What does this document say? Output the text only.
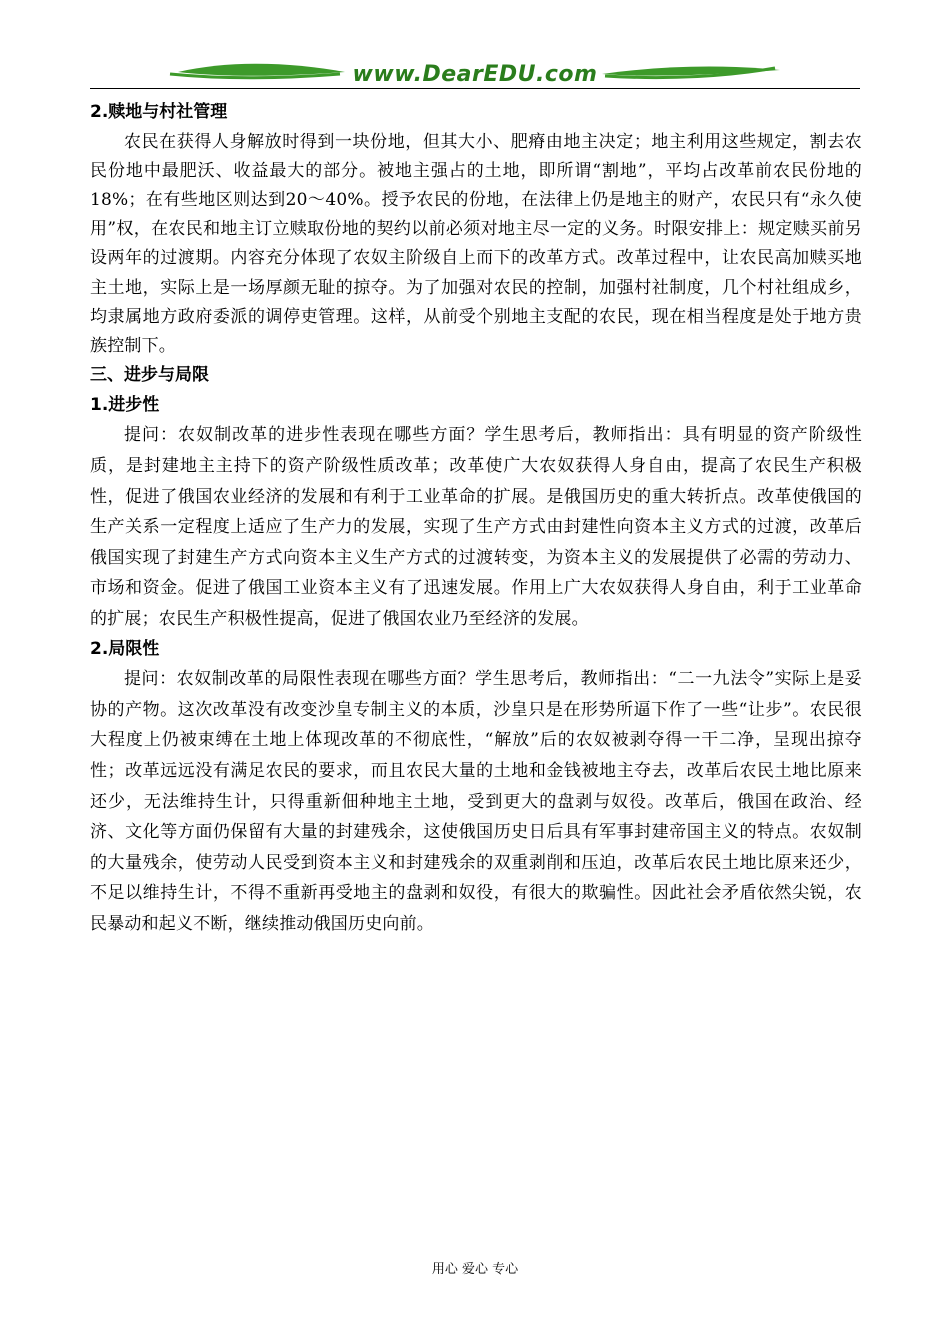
www.DearEDU.com
2.赎地与村社管理

农民在获得人身解放时得到一块份地，但其大小、肥瘠由地主决定；地主利用这些规定，割去农民份地中最肥沃、收益最大的部分。被地主强占的土地，即所谓“割地”，平均占改革前农民份地的18%；在有些地区则达到20～40%。授予农民的份地，在法律上仍是地主的财产，农民只有“永久使用”权，在农民和地主订立赎取份地的契约以前必须对地主尽一定的义务。时限安排上：规定赎买前另设两年的过渡期。内容充分体现了农奴主阶级自上而下的改革方式。改革过程中，让农民高加赎买地主土地，实际上是一场厚颜无耻的掠夺。为了加强对农民的控制，加强村社制度，几个村社组成乡，均隶属地方政府委派的调停吏管理。这样，从前受个别地主支配的农民，现在相当程度是处于地方贵族控制下。

三、进步与局限
1.进步性

提问：农奴制改革的进步性表现在哪些方面？学生思考后，教师指出：具有明显的资产阶级性质，是封建地主主持下的资产阶级性质改革；改革使广大农奴获得人身自由，提高了农民生产积极性，促进了俄国农业经济的发展和有利于工业革命的扩展。是俄国历史的重大转折点。改革使俄国的生产关系一定程度上适应了生产力的发展，实现了生产方式由封建性向资本主义方式的过渡，改革后俄国实现了封建生产方式向资本主义生产方式的过渡转变，为资本主义的发展提供了必需的劳动力、市场和资金。促进了俄国工业资本主义有了迅速发展。作用上广大农奴获得人身自由，利于工业革命的扩展；农民生产积极性提高，促进了俄国农业乃至经济的发展。

2.局限性

提问：农奴制改革的局限性表现在哪些方面？学生思考后，教师指出：“二一九法令”实际上是妥协的产物。这次改革没有改变沙皇专制主义的本质，沙皇只是在形势所逼下作了一些“让步”。农民很大程度上仍被束缚在土地上体现改革的不彻底性，“解放”后的农奴被剥夺得一干二净，呈现出掠夺性；改革远远没有满足农民的要求，而且农民大量的土地和金钱被地主夺去，改革后农民土地比原来还少，无法维持生计，只得重新佃种地主土地，受到更大的盘剥与奴役。改革后，俄国在政治、经济、文化等方面仍保留有大量的封建残余，这使俄国历史日后具有军事封建帝国主义的特点。农奴制的大量残余，使劳动人民受到资本主义和封建残余的双重剥削和压迫，改革后农民土地比原来还少，不足以维持生计，不得不重新再受地主的盘剥和奴役，有很大的欺骗性。因此社会矛盾依然尖锐，农民暴动和起义不断，继续推动俄国历史向前。

用心 爱心 专心
